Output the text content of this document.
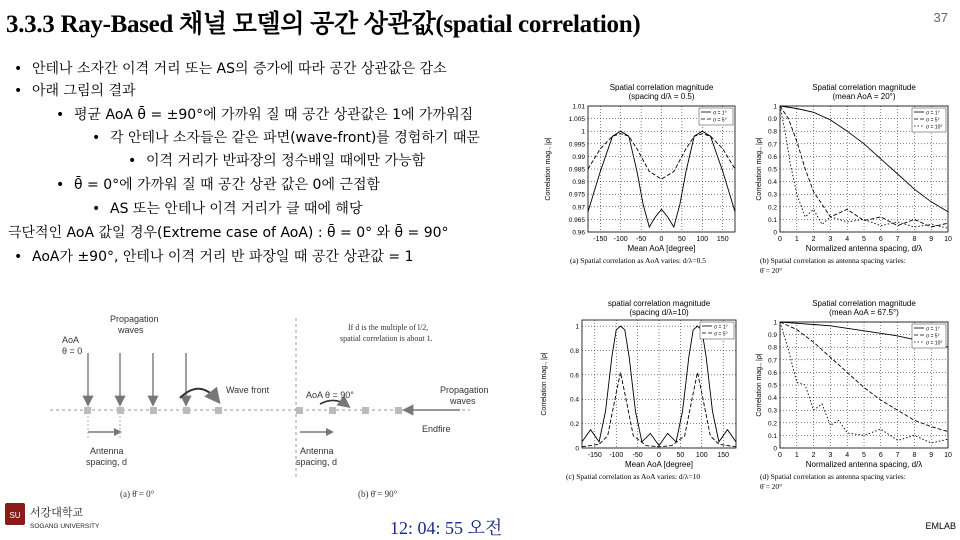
3.3.3 Ray-Based 채널 모델의 공간 상관값(spatial correlation)	37
• 안테나 소자간 이격 거리 또는 AS의 증가에 따라 공간 상관값은 감소
• 아래 그림의 결과
• 평균 AoA θ̄ = ±90°에 가까워 질 때 공간 상관값은 1에 가까워짐
• 각 안테나 소자들은 같은 파면(wave-front)를 경험하기 때문
• 이격 거리가 반파장의 정수배일 때에만 가능함
• θ̄ = 0°에 가까워 질 때 공간 상관 값은 0에 근접함
• AS 또는 안테나 이격 거리가 클 때에 해당
극단적인 AoA 값일 경우(Extreme case of AoA) : θ̄ = 0° 와 θ̄ = 90°
• AoA가 ±90°, 안테나 이격 거리 반 파장일 때 공간 상관값 = 1
AoA
θ = 0
Propagation
waves
Wave front
Antenna
spacing, d
(a) θ̄ = 0°
If d is the multiple of l/2,
spatial correlation is about 1.
AoA θ = 90°	Propagation
waves
Endfire
Antenna
spacing, d
(b) θ̄ = 90°
Spatial correlation magnitude
(spacing d/λ = 0.5)
-150 -100 -50 0 50 100 150
0.96
0.965
0.97
0.975
0.98
0.985
0.99
0.995
1
1.005
1.01
Mean AoA [degree]
Correlation mag., |ρ|
σ = 1°
σ = 5°
(a) Spatial correlation as AoA varies: d/λ=0.5
Spatial correlation magnitude
(mean AoA = 20°)
0 1 2 3 4 5 6 7 8 9 10
0
0.1
0.2
0.3
0.4
0.5
0.6
0.7
0.8
0.9
1
Normalized antenna spacing, d/λ
Correlation mag., |ρ|
σ = 1°
σ = 5°
σ = 10°
(b) Spatial correlation as antenna spacing varies:
θ̄ = 20°
spatial correlation magnitude
(spacing d/λ=10)
-150 -100 -50 0 50 100 150
0
0.2
0.4
0.6
0.8
1
Mean AoA [degree]
Correlation mag., |ρ|
σ = 1°
σ = 5°
(c) Spatial correlation as AoA varies: d/λ=10
Spatial correlation magnitude
(mean AoA = 67.5°)
0 1 2 3 4 5 6 7 8 9 10
0
0.1
0.2
0.3
0.4
0.5
0.6
0.7
0.8
0.9
1
Normalized antenna spacing, d/λ
Correlation mag., |ρ|
σ = 1°
σ = 5°
σ = 10°
(d) Spatial correlation as antenna spacing varies:
θ̄ = 20°
SU 서강대학교
SOGANG UNIVERSITY	12: 04: 55 오전	EMLAB
